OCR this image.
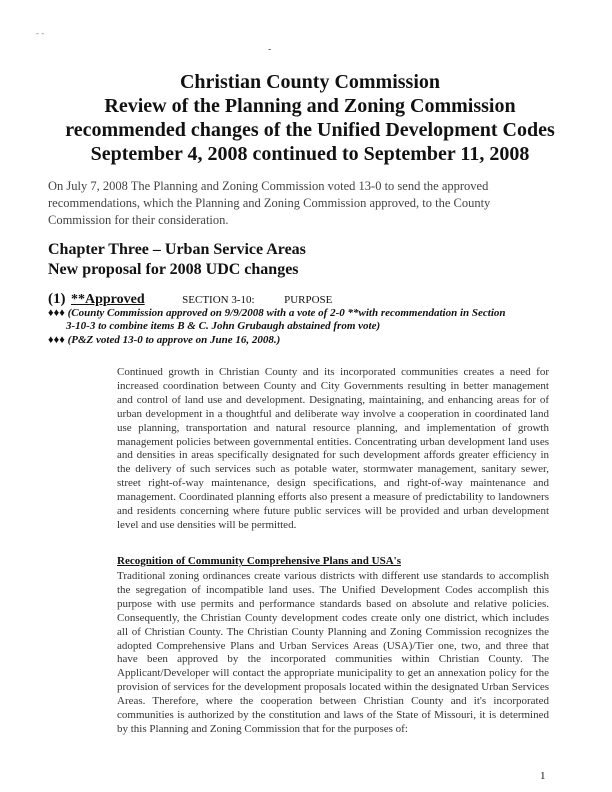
- -
-
Christian County Commission
Review of the Planning and Zoning Commission
recommended changes of the Unified Development Codes
September 4, 2008 continued to September 11, 2008
On July 7, 2008 The Planning and Zoning Commission voted 13-0 to send the approved recommendations, which the Planning and Zoning Commission approved, to the County Commission for their consideration.
Chapter Three – Urban Service Areas
New proposal for 2008 UDC changes
(1) **Approved	SECTION 3-10:	PURPOSE
♦♦♦ (County Commission approved on 9/9/2008 with a vote of 2-0 **with recommendation in Section
3-10-3 to combine items B & C. John Grubaugh abstained from vote)
♦♦♦ (P&Z voted 13-0 to approve on June 16, 2008.)
Continued growth in Christian County and its incorporated communities creates a need for increased coordination between County and City Governments resulting in better management and control of land use and development. Designating, maintaining, and enhancing areas for of urban development in a thoughtful and deliberate way involve a cooperation in coordinated land use planning, transportation and natural resource planning, and implementation of growth management policies between governmental entities. Concentrating urban development land uses and densities in areas specifically designated for such development affords greater efficiency in the delivery of such services such as potable water, stormwater management, sanitary sewer, street right-of-way maintenance, design specifications, and right-of-way maintenance and management. Coordinated planning efforts also present a measure of predictability to landowners and residents concerning where future public services will be provided and urban development level and use densities will be permitted.
Recognition of Community Comprehensive Plans and USA's
Traditional zoning ordinances create various districts with different use standards to accomplish the segregation of incompatible land uses. The Unified Development Codes accomplish this purpose with use permits and performance standards based on absolute and relative policies. Consequently, the Christian County development codes create only one district, which includes all of Christian County. The Christian County Planning and Zoning Commission recognizes the adopted Comprehensive Plans and Urban Services Areas (USA)/Tier one, two, and three that have been approved by the incorporated communities within Christian County. The Applicant/Developer will contact the appropriate municipality to get an annexation policy for the provision of services for the development proposals located within the designated Urban Services Areas. Therefore, where the cooperation between Christian County and it's incorporated communities is authorized by the constitution and laws of the State of Missouri, it is determined by this Planning and Zoning Commission that for the purposes of:
1
